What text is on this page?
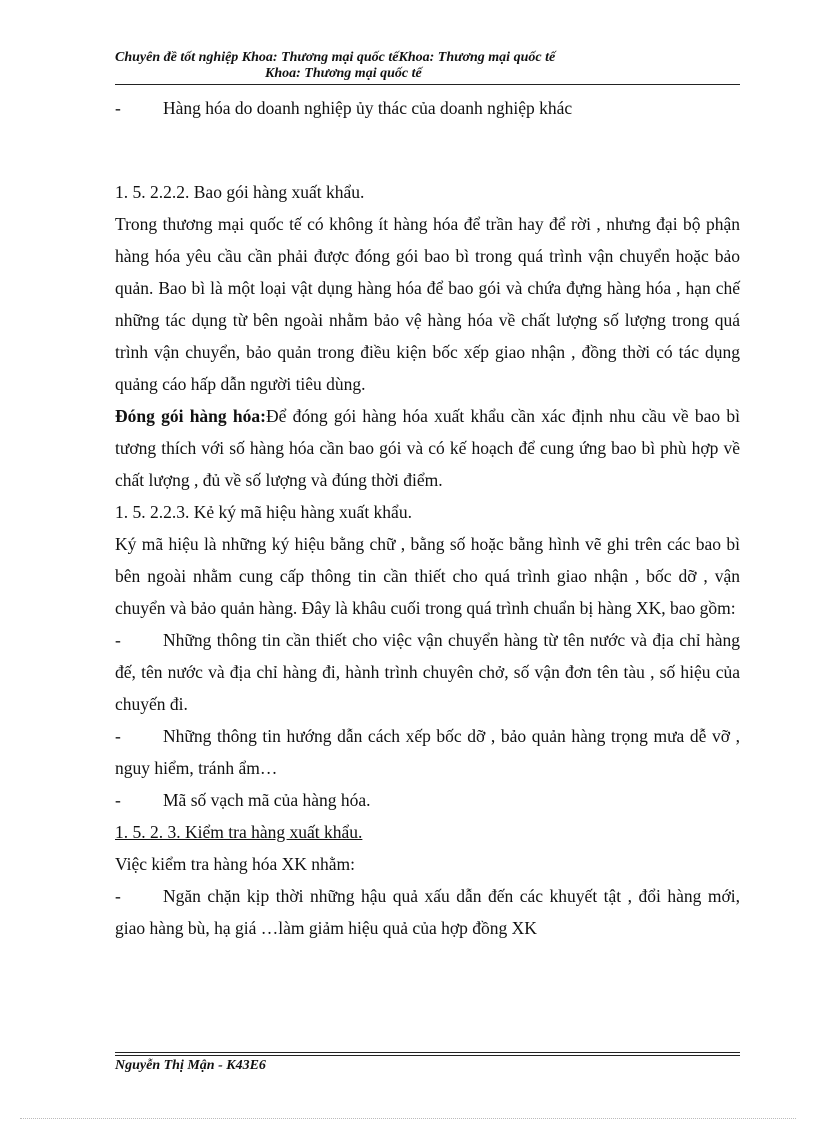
Chuyên đề tốt nghiệp Khoa: Thương mại quốc tếKhoa: Thương mại quốc tế
Khoa: Thương mại quốc tế

- Hàng hóa do doanh nghiệp ủy thác của doanh nghiệp khác

1. 5. 2.2.2. Bao gói hàng xuất khẩu.

Trong thương mại quốc tế có không ít hàng hóa để trần hay để rời , nhưng đại bộ phận hàng hóa yêu cầu cần phải được đóng gói bao bì trong quá trình vận chuyển hoặc bảo quản. Bao bì là một loại vật dụng hàng hóa để bao gói và chứa đựng hàng hóa , hạn chế những tác dụng từ bên ngoài nhằm bảo vệ hàng hóa về chất lượng số lượng trong quá trình vận chuyển, bảo quản trong điều kiện bốc xếp giao nhận , đồng thời có tác dụng quảng cáo hấp dẫn người tiêu dùng.

Đóng gói hàng hóa:Để đóng gói hàng hóa xuất khẩu cần xác định nhu cầu về bao bì tương thích với số hàng hóa cần bao gói và có kế hoạch để cung ứng bao bì phù hợp về chất lượng , đủ về số lượng và đúng thời điểm.

1. 5. 2.2.3. Kẻ ký mã hiệu hàng xuất khẩu.

Ký mã hiệu là những ký hiệu bằng chữ , bằng số hoặc bằng hình vẽ ghi trên các bao bì bên ngoài nhằm cung cấp thông tin cần thiết cho quá trình giao nhận , bốc dỡ , vận chuyển và bảo quản hàng. Đây là khâu cuối trong quá trình chuẩn bị hàng XK, bao gồm:

- Những thông tin cần thiết cho việc vận chuyển hàng từ tên nước và địa chỉ hàng đế, tên nước và địa chỉ hàng đi, hành trình chuyên chở, số vận đơn tên tàu , số hiệu của chuyến đi.

- Những thông tin hướng dẫn cách xếp bốc dỡ , bảo quản hàng trọng mưa dễ vỡ , nguy hiểm, tránh ẩm…

- Mã số vạch mã của hàng hóa.

1. 5. 2. 3. Kiểm tra hàng xuất khẩu.

Việc kiểm tra hàng hóa XK nhằm:

- Ngăn chặn kịp thời những hậu quả xấu dẫn đến các khuyết tật , đổi hàng mới, giao hàng bù, hạ giá …làm giảm hiệu quả của hợp đồng XK

Nguyễn Thị Mận - K43E6
